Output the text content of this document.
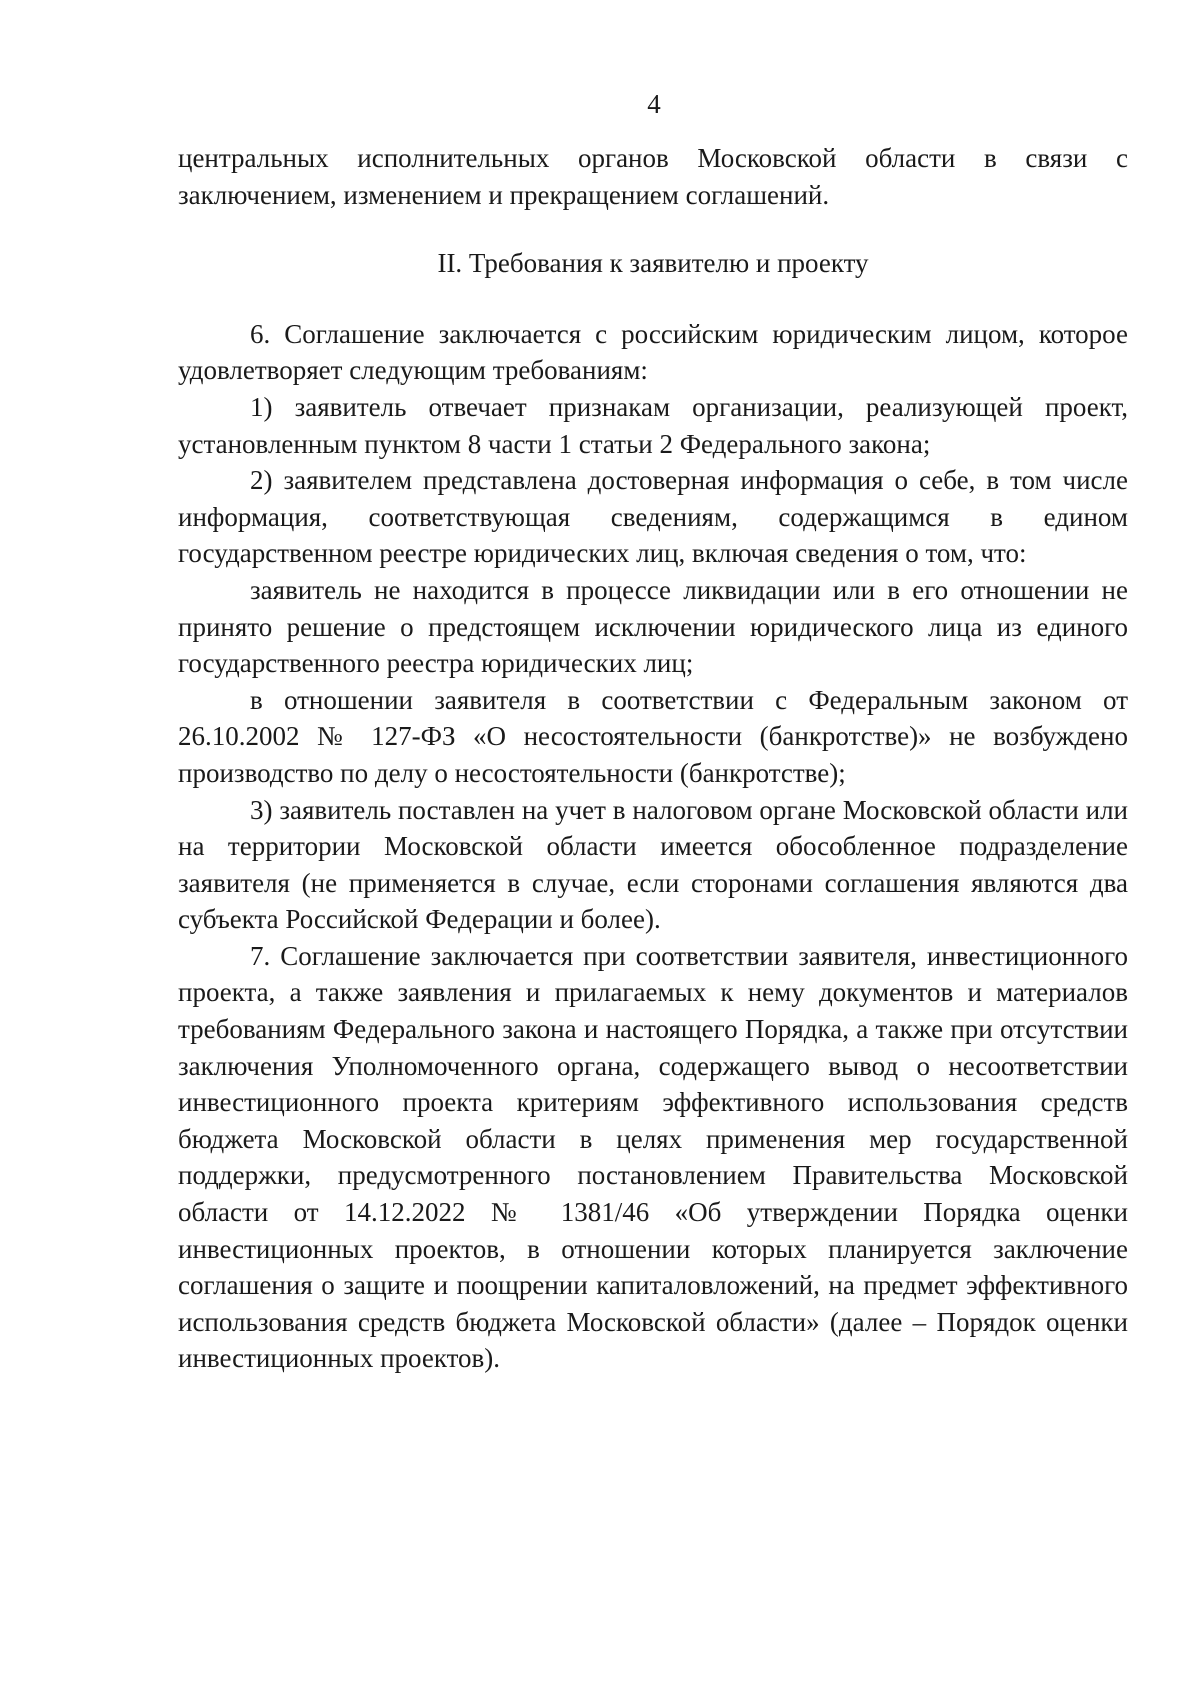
4

центральных исполнительных органов Московской области в связи с заключением, изменением и прекращением соглашений.

II. Требования к заявителю и проекту

6. Соглашение заключается с российским юридическим лицом, которое удовлетворяет следующим требованиям:

1) заявитель отвечает признакам организации, реализующей проект, установленным пунктом 8 части 1 статьи 2 Федерального закона;

2) заявителем представлена достоверная информация о себе, в том числе информация, соответствующая сведениям, содержащимся в едином государственном реестре юридических лиц, включая сведения о том, что:

заявитель не находится в процессе ликвидации или в его отношении не принято решение о предстоящем исключении юридического лица из единого государственного реестра юридических лиц;

в отношении заявителя в соответствии с Федеральным законом от 26.10.2002 № 127-ФЗ «О несостоятельности (банкротстве)» не возбуждено производство по делу о несостоятельности (банкротстве);

3) заявитель поставлен на учет в налоговом органе Московской области или на территории Московской области имеется обособленное подразделение заявителя (не применяется в случае, если сторонами соглашения являются два субъекта Российской Федерации и более).

7. Соглашение заключается при соответствии заявителя, инвестиционного проекта, а также заявления и прилагаемых к нему документов и материалов требованиям Федерального закона и настоящего Порядка, а также при отсутствии заключения Уполномоченного органа, содержащего вывод о несоответствии инвестиционного проекта критериям эффективного использования средств бюджета Московской области в целях применения мер государственной поддержки, предусмотренного постановлением Правительства Московской области от 14.12.2022 № 1381/46 «Об утверждении Порядка оценки инвестиционных проектов, в отношении которых планируется заключение соглашения о защите и поощрении капиталовложений, на предмет эффективного использования средств бюджета Московской области» (далее – Порядок оценки инвестиционных проектов).
